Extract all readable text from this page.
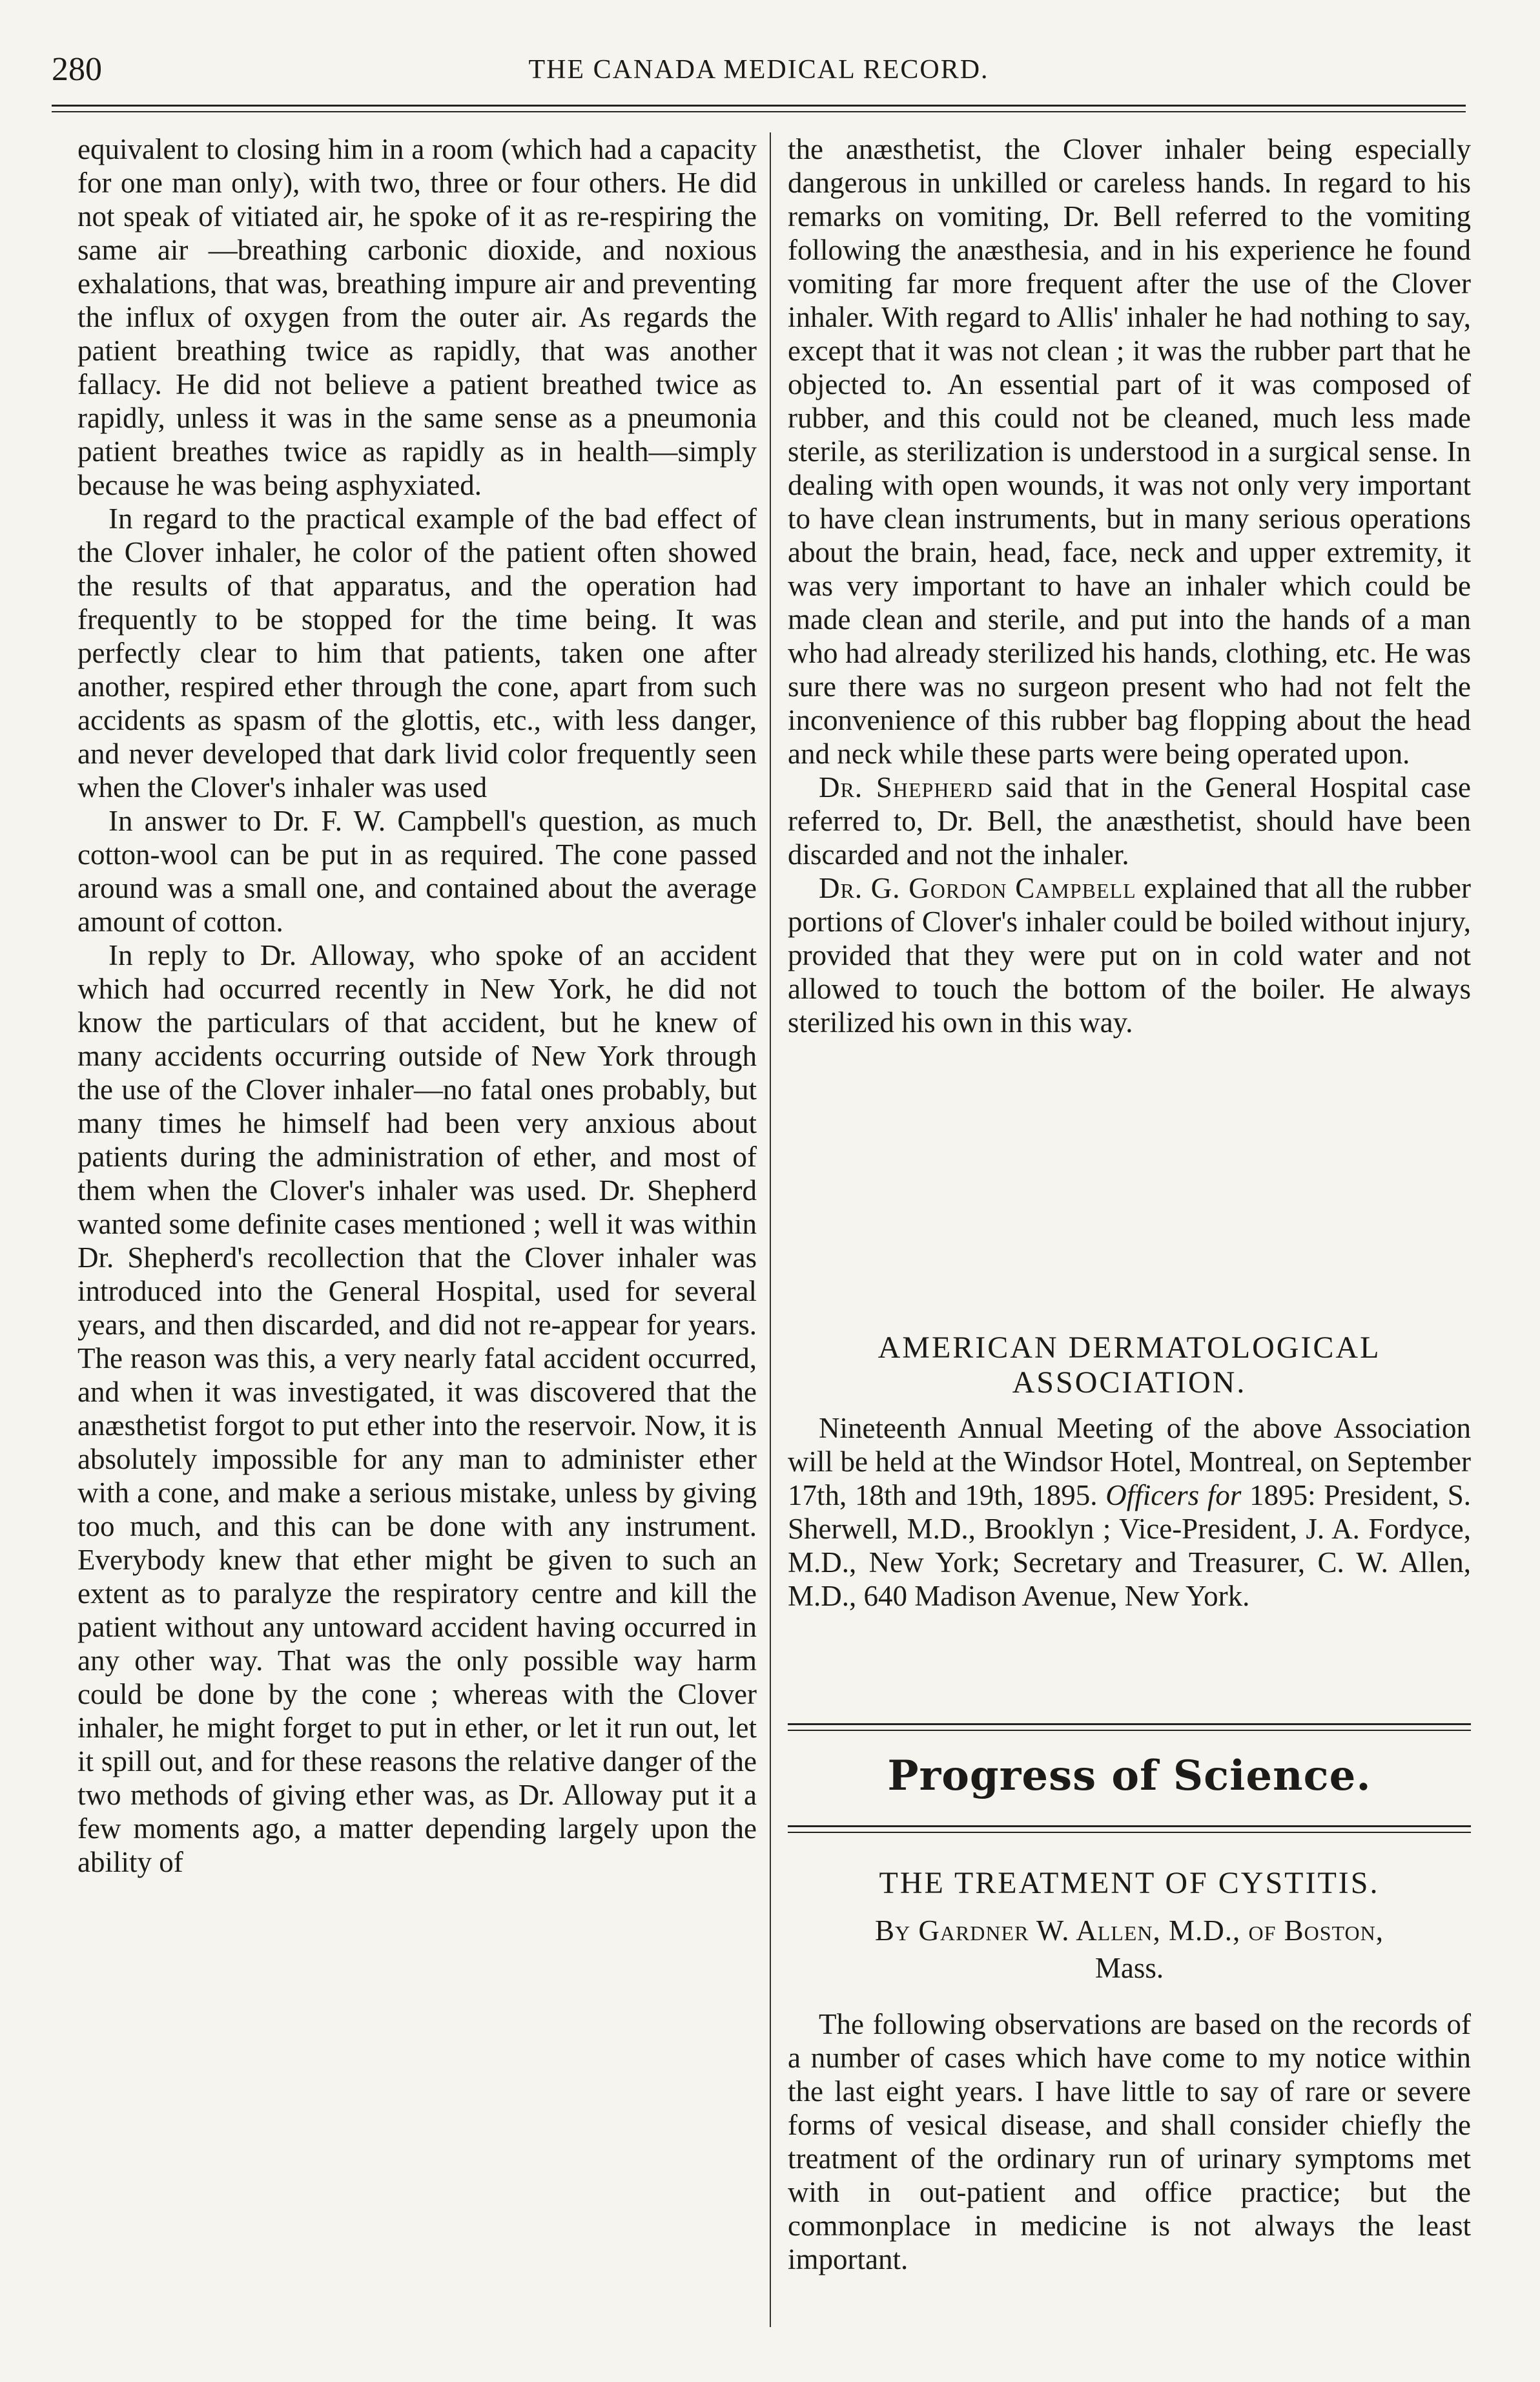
280	THE CANADA MEDICAL RECORD.

equivalent to closing him in a room (which had a capacity for one man only), with two, three or four others. He did not speak of vitiated air, he spoke of it as re-respiring the same air —breathing carbonic dioxide, and noxious exhalations, that was, breathing impure air and preventing the influx of oxygen from the outer air. As regards the patient breathing twice as rapidly, that was another fallacy. He did not believe a patient breathed twice as rapidly, unless it was in the same sense as a pneumonia patient breathes twice as rapidly as in health—simply because he was being asphyxiated.

In regard to the practical example of the bad effect of the Clover inhaler, he color of the patient often showed the results of that apparatus, and the operation had frequently to be stopped for the time being. It was perfectly clear to him that patients, taken one after another, respired ether through the cone, apart from such accidents as spasm of the glottis, etc., with less danger, and never developed that dark livid color frequently seen when the Clover's inhaler was used

In answer to Dr. F. W. Campbell's question, as much cotton-wool can be put in as required. The cone passed around was a small one, and contained about the average amount of cotton.

In reply to Dr. Alloway, who spoke of an accident which had occurred recently in New York, he did not know the particulars of that accident, but he knew of many accidents occurring outside of New York through the use of the Clover inhaler—no fatal ones probably, but many times he himself had been very anxious about patients during the administration of ether, and most of them when the Clover's inhaler was used. Dr. Shepherd wanted some definite cases mentioned ; well it was within Dr. Shepherd's recollection that the Clover inhaler was introduced into the General Hospital, used for several years, and then discarded, and did not re-appear for years. The reason was this, a very nearly fatal accident occurred, and when it was investigated, it was discovered that the anæsthetist forgot to put ether into the reservoir. Now, it is absolutely impossible for any man to administer ether with a cone, and make a serious mistake, unless by giving too much, and this can be done with any instrument. Everybody knew that ether might be given to such an extent as to paralyze the respiratory centre and kill the patient without any untoward accident having occurred in any other way. That was the only possible way harm could be done by the cone ; whereas with the Clover inhaler, he might forget to put in ether, or let it run out, let it spill out, and for these reasons the relative danger of the two methods of giving ether was, as Dr. Alloway put it a few moments ago, a matter depending largely upon the ability of

the anæsthetist, the Clover inhaler being especially dangerous in unkilled or careless hands. In regard to his remarks on vomiting, Dr. Bell referred to the vomiting following the anæsthesia, and in his experience he found vomiting far more frequent after the use of the Clover inhaler. With regard to Allis' inhaler he had nothing to say, except that it was not clean ; it was the rubber part that he objected to. An essential part of it was composed of rubber, and this could not be cleaned, much less made sterile, as sterilization is understood in a surgical sense. In dealing with open wounds, it was not only very important to have clean instruments, but in many serious operations about the brain, head, face, neck and upper extremity, it was very important to have an inhaler which could be made clean and sterile, and put into the hands of a man who had already sterilized his hands, clothing, etc. He was sure there was no surgeon present who had not felt the inconvenience of this rubber bag flopping about the head and neck while these parts were being operated upon.

Dr. Shepherd said that in the General Hospital case referred to, Dr. Bell, the anæsthetist, should have been discarded and not the inhaler.

Dr. G. Gordon Campbell explained that all the rubber portions of Clover's inhaler could be boiled without injury, provided that they were put on in cold water and not allowed to touch the bottom of the boiler. He always sterilized his own in this way.

AMERICAN DERMATOLOGICAL
ASSOCIATION.

Nineteenth Annual Meeting of the above Association will be held at the Windsor Hotel, Montreal, on September 17th, 18th and 19th, 1895. Officers for 1895: President, S. Sherwell, M.D., Brooklyn ; Vice-President, J. A. Fordyce, M.D., New York; Secretary and Treasurer, C. W. Allen, M.D., 640 Madison Avenue, New York.

Progress of Science.
THE TREATMENT OF CYSTITIS.
By Gardner W. Allen, M.D., of Boston,
Mass.

The following observations are based on the records of a number of cases which have come to my notice within the last eight years. I have little to say of rare or severe forms of vesical disease, and shall consider chiefly the treatment of the ordinary run of urinary symptoms met with in out-patient and office practice; but the commonplace in medicine is not always the least important.
